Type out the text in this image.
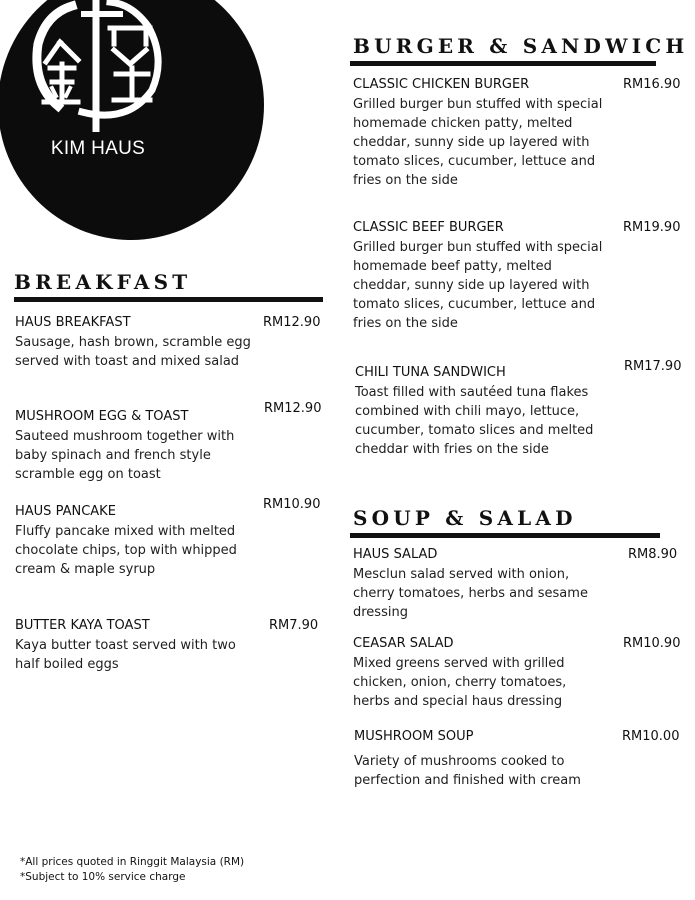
KIM HAUS
BREAKFAST
HAUS BREAKFAST
Sausage, hash brown, scramble egg served with toast and mixed salad
RM12.90
MUSHROOM EGG & TOAST
Sauteed mushroom together with baby spinach and french style scramble egg on toast
RM12.90
HAUS PANCAKE
Fluffy pancake mixed with melted chocolate chips, top with whipped cream & maple syrup
RM10.90
BUTTER KAYA TOAST
Kaya butter toast served with two half boiled eggs
RM7.90
BURGER & SANDWICH
CLASSIC CHICKEN BURGER
Grilled burger bun stuffed with special homemade chicken patty, melted cheddar, sunny side up layered with tomato slices, cucumber, lettuce and fries on the side
RM16.90
CLASSIC BEEF BURGER
Grilled burger bun stuffed with special homemade beef patty, melted cheddar, sunny side up layered with tomato slices, cucumber, lettuce and fries on the side
RM19.90
CHILI TUNA SANDWICH
Toast filled with sautéed tuna flakes combined with chili mayo, lettuce, cucumber, tomato slices and melted cheddar with fries on the side
RM17.90
SOUP & SALAD
HAUS SALAD
Mesclun salad served with onion, cherry tomatoes, herbs and sesame dressing
RM8.90
CEASAR SALAD
Mixed greens served with grilled chicken, onion, cherry tomatoes, herbs and special haus dressing
RM10.90
MUSHROOM SOUP
Variety of mushrooms cooked to perfection and finished with cream
RM10.00
*All prices quoted in Ringgit Malaysia (RM)
*Subject to 10% service charge
